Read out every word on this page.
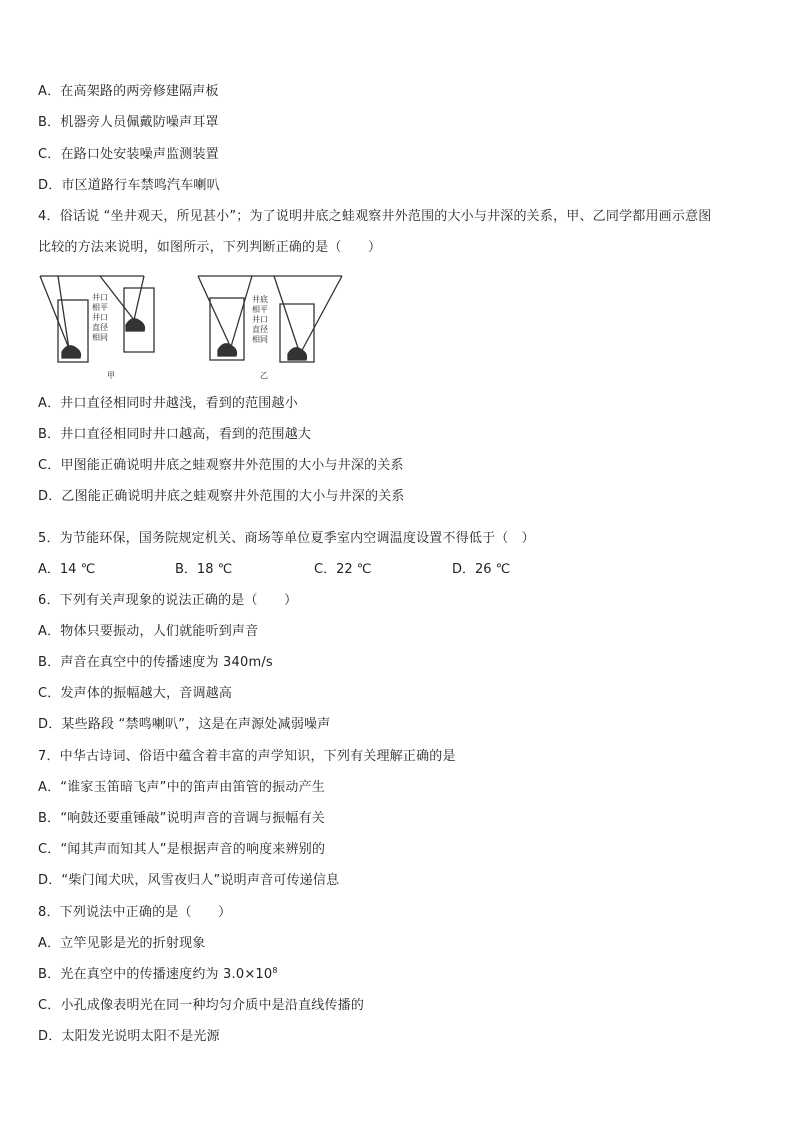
A．在高架路的两旁修建隔声板
B．机器旁人员佩戴防噪声耳罩
C．在路口处安装噪声监测装置
D．市区道路行车禁鸣汽车喇叭
4．俗话说 “坐井观天，所见甚小”；为了说明井底之蛙观察井外范围的大小与井深的关系，甲、乙同学都用画示意图
比较的方法来说明，如图所示，下列判断正确的是（　　）
井口
相平
井口
直径
相同
甲
井底
相平
井口
直径
相同
乙
A．井口直径相同时井越浅，看到的范围越小
B．井口直径相同时井口越高，看到的范围越大
C．甲图能正确说明井底之蛙观察井外范围的大小与井深的关系
D．乙图能正确说明井底之蛙观察井外范围的大小与井深的关系
5．为节能环保，国务院规定机关、商场等单位夏季室内空调温度设置不得低于（　）
A．14 ℃	B．18 ℃	C．22 ℃	D．26 ℃
6．下列有关声现象的说法正确的是（　　）
A．物体只要振动，人们就能听到声音
B．声音在真空中的传播速度为 340m/s
C．发声体的振幅越大，音调越高
D．某些路段 “禁鸣喇叭”，这是在声源处减弱噪声
7．中华古诗词、俗语中蕴含着丰富的声学知识，下列有关理解正确的是
A．“谁家玉笛暗飞声”中的笛声由笛管的振动产生
B．“响鼓还要重锤敲”说明声音的音调与振幅有关
C．“闻其声而知其人”是根据声音的响度来辨别的
D．“柴门闻犬吠，风雪夜归人”说明声音可传递信息
8．下列说法中正确的是（　　）
A．立竿见影是光的折射现象
B．光在真空中的传播速度约为 $3.0\times 10^8$
C．小孔成像表明光在同一种均匀介质中是沿直线传播的
D．太阳发光说明太阳不是光源
